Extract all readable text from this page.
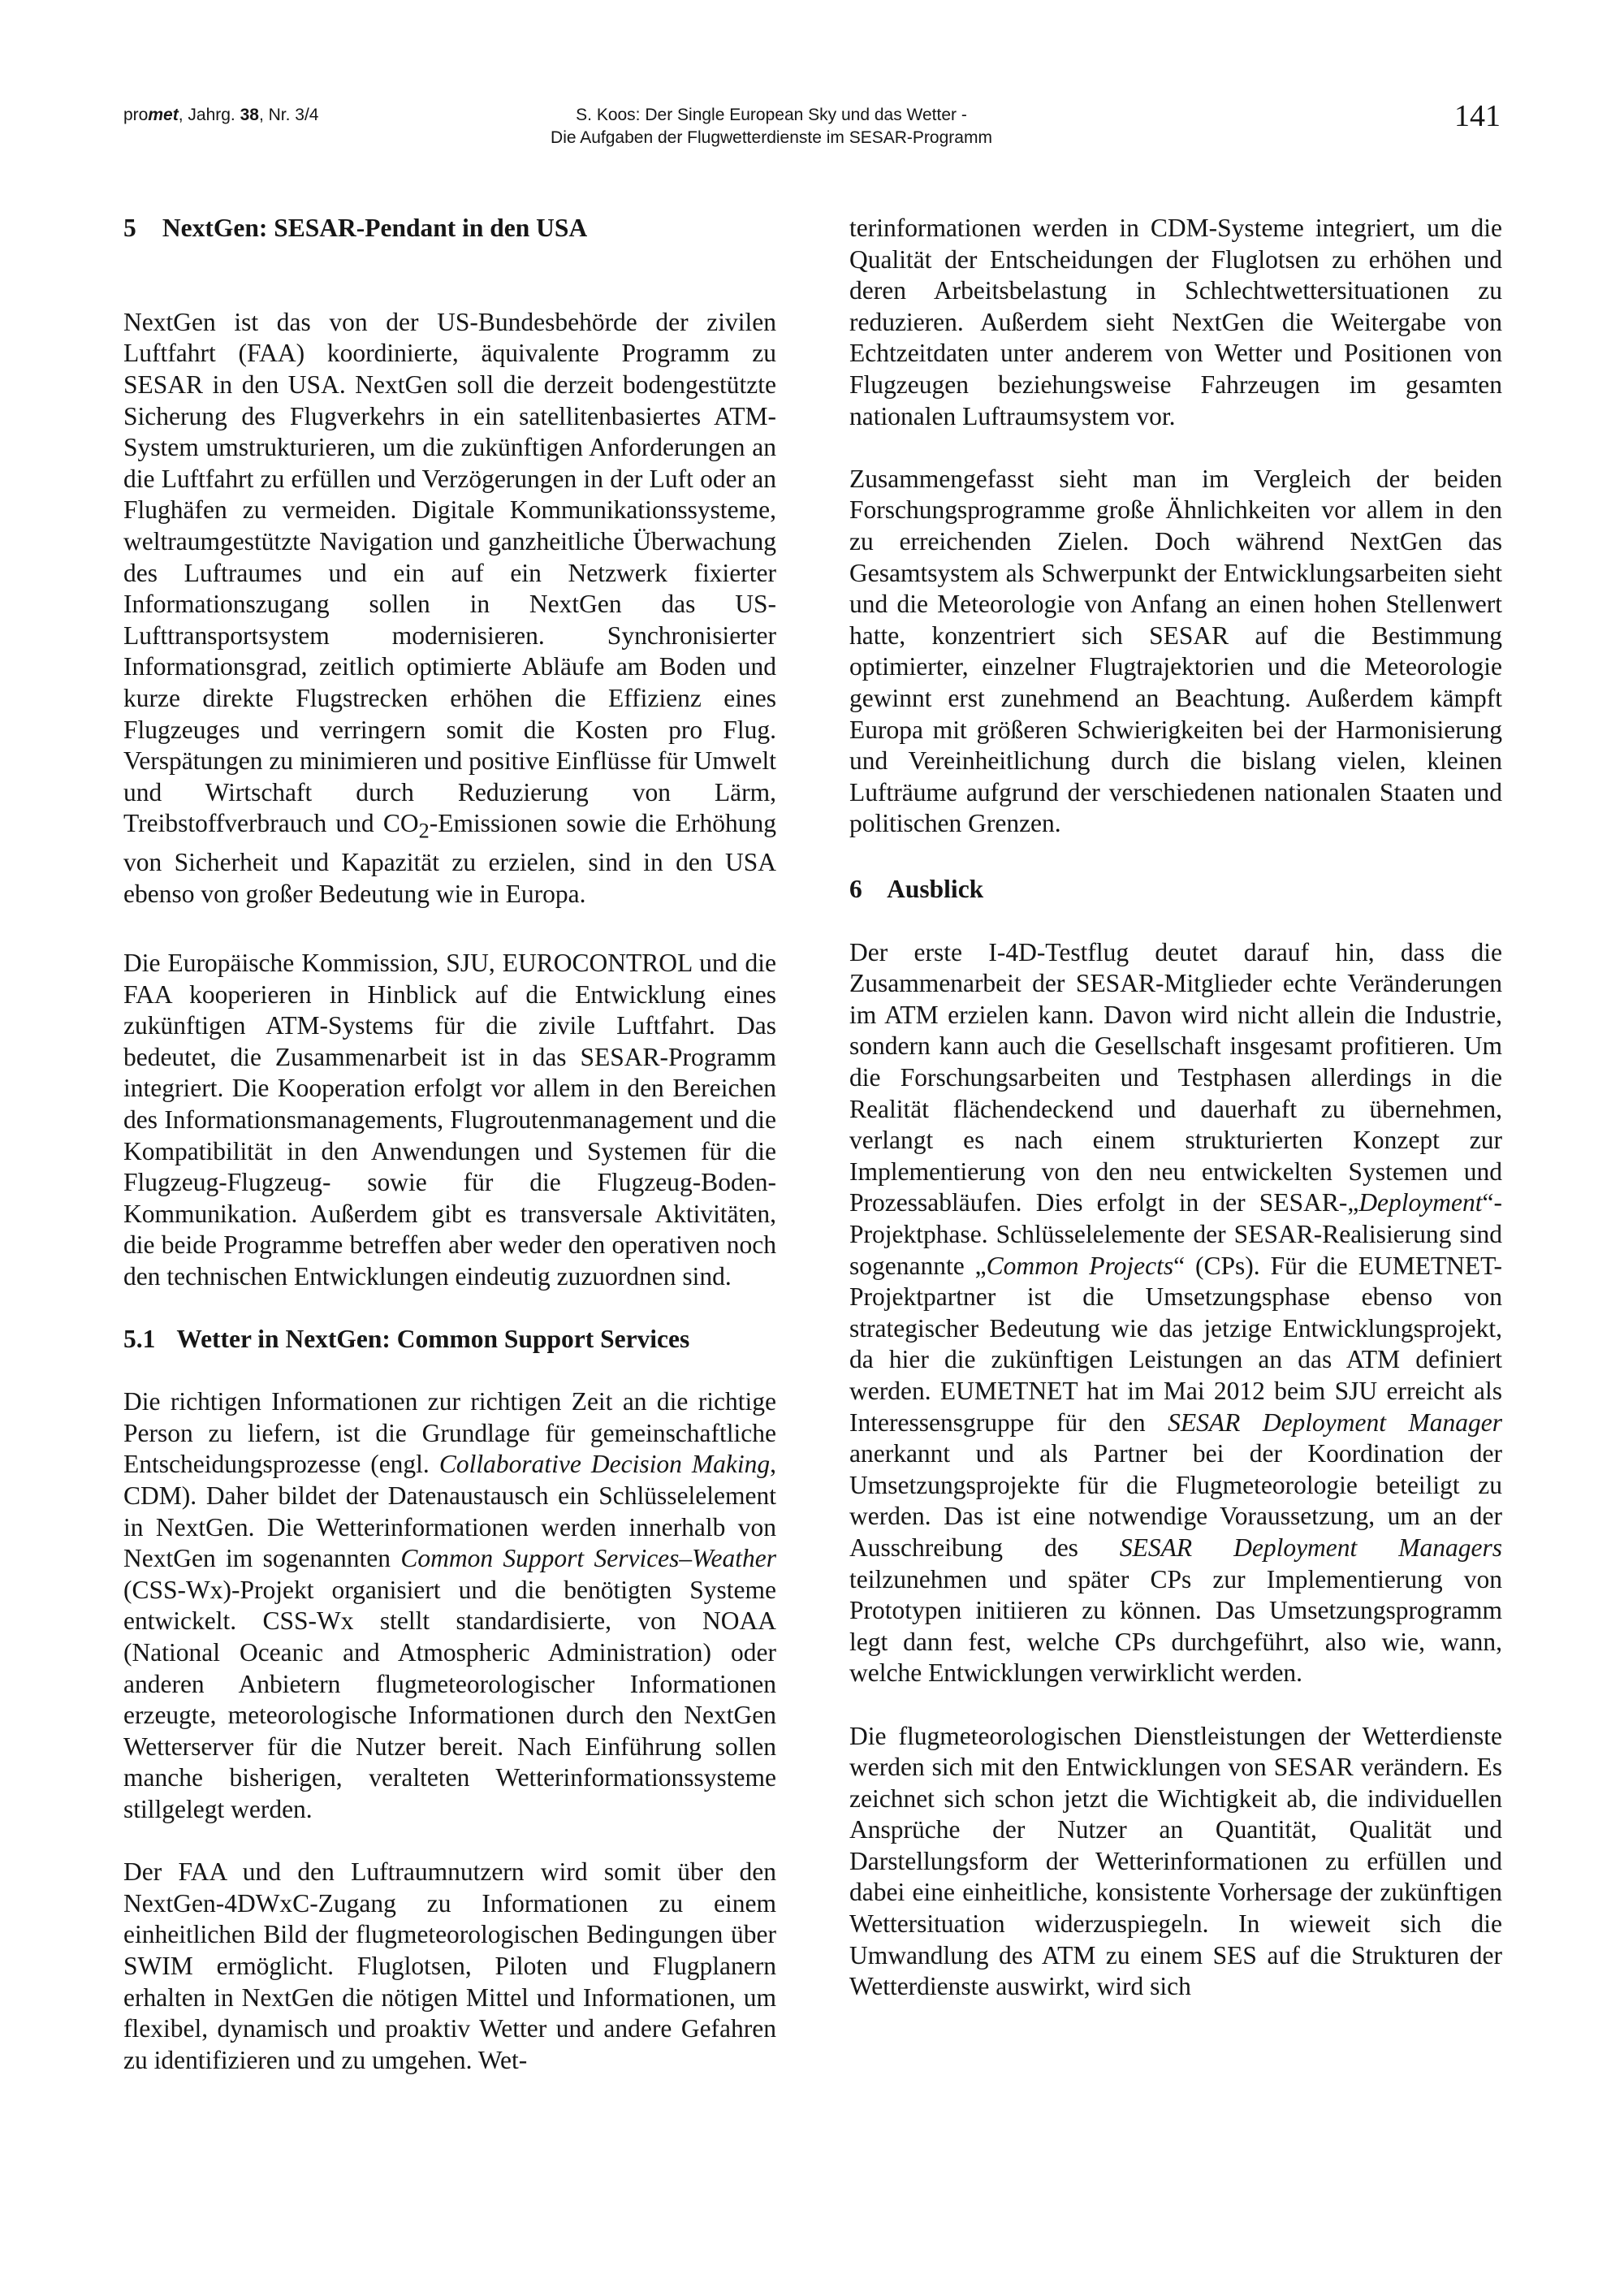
promet, Jahrg. 38, Nr. 3/4	S. Koos: Der Single European Sky und das Wetter -
Die Aufgaben der Flugwetterdienste im SESAR-Programm
141
5 NextGen: SESAR-Pendant in den USA

NextGen ist das von der US-Bundesbehörde der zivilen Luftfahrt (FAA) koordinierte, äquivalente Programm zu SESAR in den USA. NextGen soll die derzeit bodengestützte Sicherung des Flugverkehrs in ein satellitenbasiertes ATM-System umstrukturieren, um die zukünftigen Anforderungen an die Luftfahrt zu erfüllen und Verzögerungen in der Luft oder an Flughäfen zu vermeiden. Digitale Kommunikationssysteme, weltraumgestützte Navigation und ganzheitliche Überwachung des Luftraumes und ein auf ein Netzwerk fixierter Informationszugang sollen in NextGen das US-Lufttransportsystem modernisieren. Synchronisierter Informationsgrad, zeitlich optimierte Abläufe am Boden und kurze direkte Flugstrecken erhöhen die Effizienz eines Flugzeuges und verringern somit die Kosten pro Flug. Verspätungen zu minimieren und positive Einflüsse für Umwelt und Wirtschaft durch Reduzierung von Lärm, Treibstoffverbrauch und $CO_2$-Emissionen sowie die Erhöhung von Sicherheit und Kapazität zu erzielen, sind in den USA ebenso von großer Bedeutung wie in Europa.

Die Europäische Kommission, SJU, EUROCONTROL und die FAA kooperieren in Hinblick auf die Entwicklung eines zukünftigen ATM-Systems für die zivile Luftfahrt. Das bedeutet, die Zusammenarbeit ist in das SESAR-Programm integriert. Die Kooperation erfolgt vor allem in den Bereichen des Informationsmanagements, Flugroutenmanagement und die Kompatibilität in den Anwendungen und Systemen für die Flugzeug-Flugzeug- sowie für die Flugzeug-Boden-Kommunikation. Außerdem gibt es transversale Aktivitäten, die beide Programme betreffen aber weder den operativen noch den technischen Entwicklungen eindeutig zuzuordnen sind.

5.1 Wetter in NextGen: Common Support Services

Die richtigen Informationen zur richtigen Zeit an die richtige Person zu liefern, ist die Grundlage für gemeinschaftliche Entscheidungsprozesse (engl. Collaborative Decision Making, CDM). Daher bildet der Datenaustausch ein Schlüsselelement in NextGen. Die Wetterinformationen werden innerhalb von NextGen im sogenannten Common Support Services–Weather (CSS-Wx)-Projekt organisiert und die benötigten Systeme entwickelt. CSS-Wx stellt standardisierte, von NOAA (National Oceanic and Atmospheric Administration) oder anderen Anbietern flugmeteorologischer Informationen erzeugte, meteorologische Informationen durch den NextGen Wetterserver für die Nutzer bereit. Nach Einführung sollen manche bisherigen, veralteten Wetterinformationssysteme stillgelegt werden.

Der FAA und den Luftraumnutzern wird somit über den NextGen-4DWxC-Zugang zu Informationen zu einem einheitlichen Bild der flugmeteorologischen Bedingungen über SWIM ermöglicht. Fluglotsen, Piloten und Flugplanern erhalten in NextGen die nötigen Mittel und Informationen, um flexibel, dynamisch und proaktiv Wetter und andere Gefahren zu identifizieren und zu umgehen. Wet-

terinformationen werden in CDM-Systeme integriert, um die Qualität der Entscheidungen der Fluglotsen zu erhöhen und deren Arbeitsbelastung in Schlechtwettersituationen zu reduzieren. Außerdem sieht NextGen die Weitergabe von Echtzeitdaten unter anderem von Wetter und Positionen von Flugzeugen beziehungsweise Fahrzeugen im gesamten nationalen Luftraumsystem vor.

Zusammengefasst sieht man im Vergleich der beiden Forschungsprogramme große Ähnlichkeiten vor allem in den zu erreichenden Zielen. Doch während NextGen das Gesamtsystem als Schwerpunkt der Entwicklungsarbeiten sieht und die Meteorologie von Anfang an einen hohen Stellenwert hatte, konzentriert sich SESAR auf die Bestimmung optimierter, einzelner Flugtrajektorien und die Meteorologie gewinnt erst zunehmend an Beachtung. Außerdem kämpft Europa mit größeren Schwierigkeiten bei der Harmonisierung und Vereinheitlichung durch die bislang vielen, kleinen Lufträume aufgrund der verschiedenen nationalen Staaten und politischen Grenzen.

6 Ausblick

Der erste I-4D-Testflug deutet darauf hin, dass die Zusammenarbeit der SESAR-Mitglieder echte Veränderungen im ATM erzielen kann. Davon wird nicht allein die Industrie, sondern kann auch die Gesellschaft insgesamt profitieren. Um die Forschungsarbeiten und Testphasen allerdings in die Realität flächendeckend und dauerhaft zu übernehmen, verlangt es nach einem strukturierten Konzept zur Implementierung von den neu entwickelten Systemen und Prozessabläufen. Dies erfolgt in der SESAR-„Deployment“-Projektphase. Schlüsselelemente der SESAR-Realisierung sind sogenannte „Common Projects“ (CPs). Für die EUMETNET-Projektpartner ist die Umsetzungsphase ebenso von strategischer Bedeutung wie das jetzige Entwicklungsprojekt, da hier die zukünftigen Leistungen an das ATM definiert werden. EUMETNET hat im Mai 2012 beim SJU erreicht als Interessensgruppe für den SESAR Deployment Manager anerkannt und als Partner bei der Koordination der Umsetzungsprojekte für die Flugmeteorologie beteiligt zu werden. Das ist eine notwendige Voraussetzung, um an der Ausschreibung des SESAR Deployment Managers teilzunehmen und später CPs zur Implementierung von Prototypen initiieren zu können. Das Umsetzungsprogramm legt dann fest, welche CPs durchgeführt, also wie, wann, welche Entwicklungen verwirklicht werden.

Die flugmeteorologischen Dienstleistungen der Wetterdienste werden sich mit den Entwicklungen von SESAR verändern. Es zeichnet sich schon jetzt die Wichtigkeit ab, die individuellen Ansprüche der Nutzer an Quantität, Qualität und Darstellungsform der Wetterinformationen zu erfüllen und dabei eine einheitliche, konsistente Vorhersage der zukünftigen Wettersituation widerzuspiegeln. In wieweit sich die Umwandlung des ATM zu einem SES auf die Strukturen der Wetterdienste auswirkt, wird sich
